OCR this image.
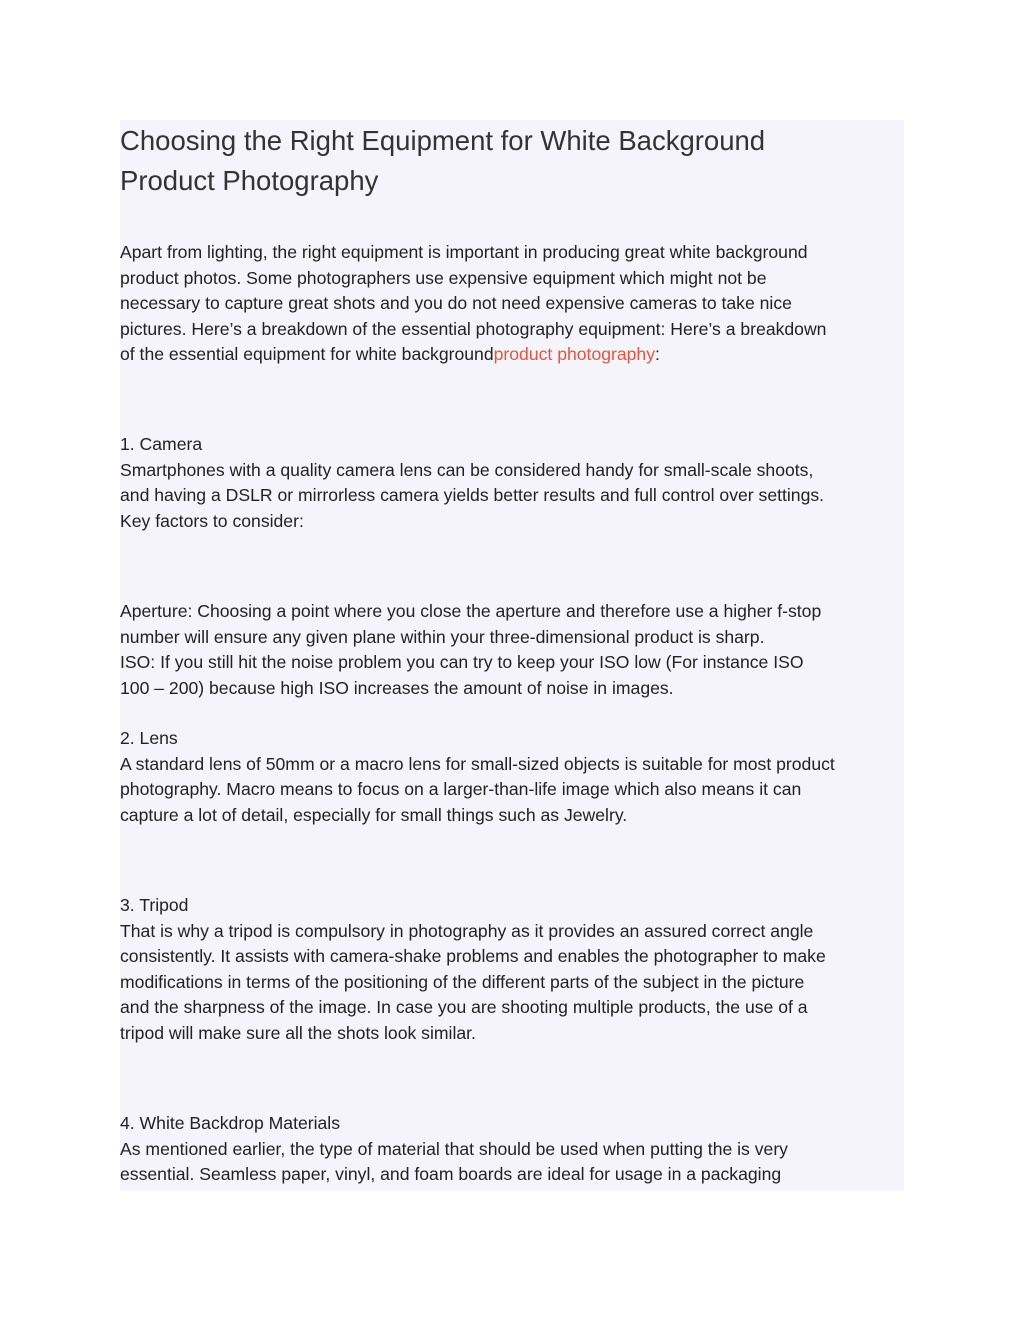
Choosing the Right Equipment for White Background
Product Photography

Apart from lighting, the right equipment is important in producing great white background
product photos. Some photographers use expensive equipment which might not be
necessary to capture great shots and you do not need expensive cameras to take nice
pictures. Here’s a breakdown of the essential photography equipment: Here’s a breakdown
of the essential equipment for white backgroundproduct photography:

1. Camera
Smartphones with a quality camera lens can be considered handy for small-scale shoots,
and having a DSLR or mirrorless camera yields better results and full control over settings.
Key factors to consider:

Aperture: Choosing a point where you close the aperture and therefore use a higher f-stop
number will ensure any given plane within your three-dimensional product is sharp.
ISO: If you still hit the noise problem you can try to keep your ISO low (For instance ISO
100 – 200) because high ISO increases the amount of noise in images.

2. Lens
A standard lens of 50mm or a macro lens for small-sized objects is suitable for most product
photography. Macro means to focus on a larger-than-life image which also means it can
capture a lot of detail, especially for small things such as Jewelry.

3. Tripod
That is why a tripod is compulsory in photography as it provides an assured correct angle
consistently. It assists with camera-shake problems and enables the photographer to make
modifications in terms of the positioning of the different parts of the subject in the picture
and the sharpness of the image. In case you are shooting multiple products, the use of a
tripod will make sure all the shots look similar.

4. White Backdrop Materials
As mentioned earlier, the type of material that should be used when putting the is very
essential. Seamless paper, vinyl, and foam boards are ideal for usage in a packaging
